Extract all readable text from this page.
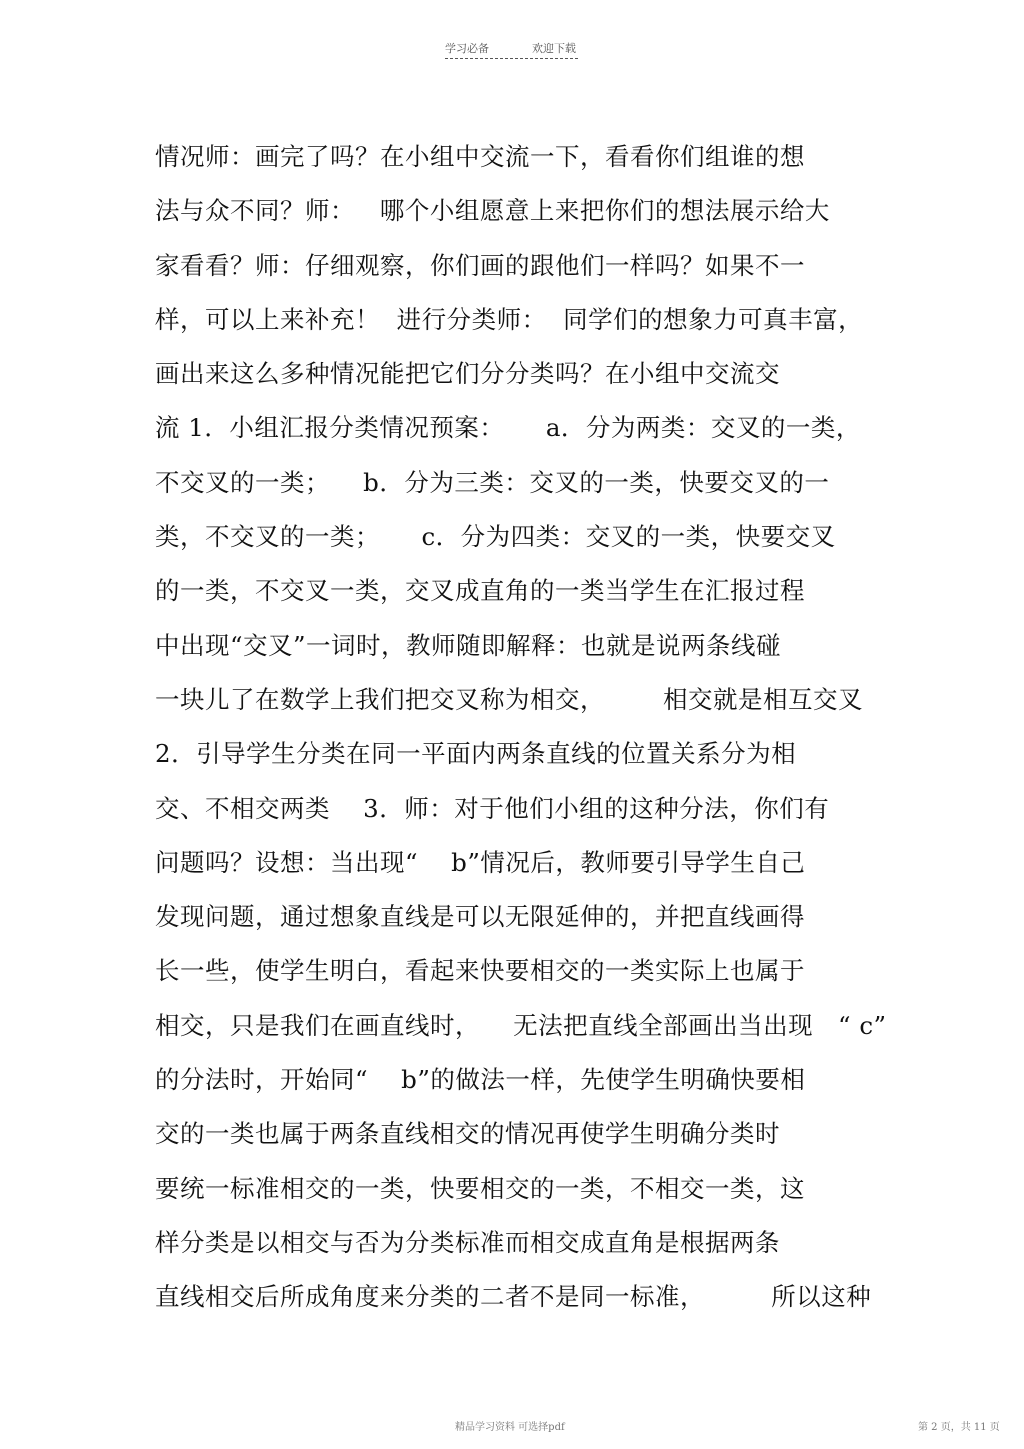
学习必备	欢迎下载
情况师：画完了吗？在小组中交流一下，看看你们组谁的想
法与众不同？师：   哪个小组愿意上来把你们的想法展示给大
家看看？师：仔细观察，你们画的跟他们一样吗？如果不一
样，可以上来补充！  进行分类师：  同学们的想象力可真丰富，
画出来这么多种情况能把它们分分类吗？在小组中交流交
流 1．小组汇报分类情况预案：     a．分为两类：交叉的一类，
不交叉的一类；    b．分为三类：交叉的一类，快要交叉的一
类，不交叉的一类；     c．分为四类：交叉的一类，快要交叉
的一类，不交叉一类，交叉成直角的一类当学生在汇报过程
中出现“交叉”一词时，教师随即解释：也就是说两条线碰
一块儿了在数学上我们把交叉称为相交，       相交就是相互交叉
2．引导学生分类在同一平面内两条直线的位置关系分为相
交、不相交两类    3．师：对于他们小组的这种分法，你们有
问题吗？设想：当出现“    b”情况后，教师要引导学生自己
发现问题，通过想象直线是可以无限延伸的，并把直线画得
长一些，使学生明白，看起来快要相交的一类实际上也属于
相交，只是我们在画直线时，    无法把直线全部画出当出现   “ c”
的分法时，开始同“    b”的做法一样，先使学生明确快要相
交的一类也属于两条直线相交的情况再使学生明确分类时
要统一标准相交的一类，快要相交的一类，不相交一类，这
样分类是以相交与否为分类标准而相交成直角是根据两条
直线相交后所成角度来分类的二者不是同一标准，        所以这种
精品学习资料 可选择pdf	第 2 页，共 11 页
